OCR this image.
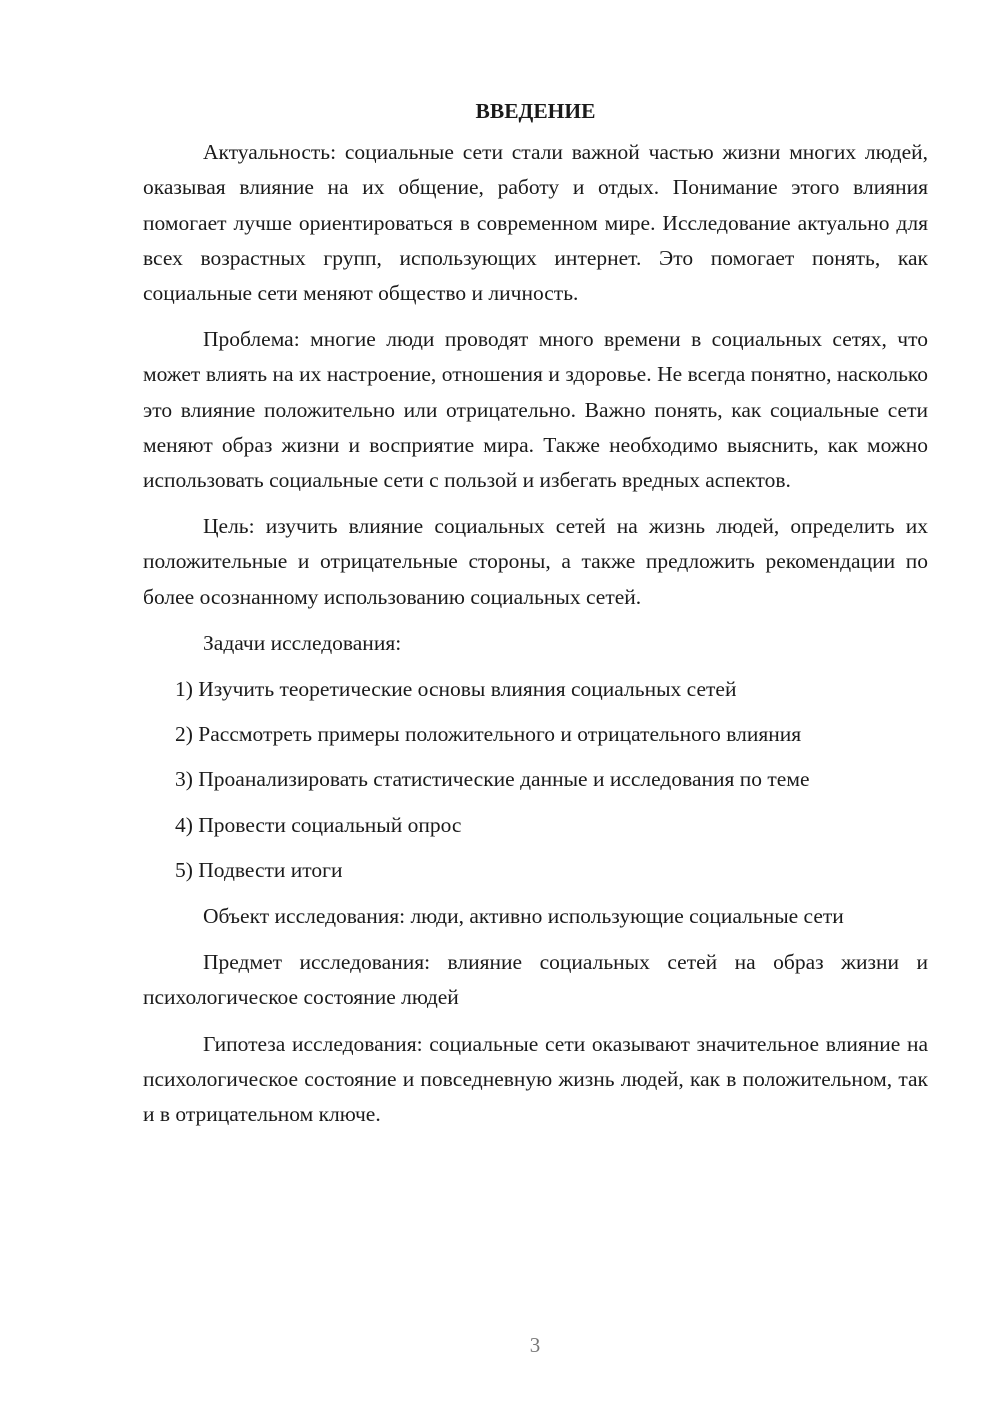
ВВЕДЕНИЕ

Актуальность: социальные сети стали важной частью жизни многих людей, оказывая влияние на их общение, работу и отдых. Понимание этого влияния помогает лучше ориентироваться в современном мире. Исследование актуально для всех возрастных групп, использующих интернет. Это помогает понять, как социальные сети меняют общество и личность.

Проблема: многие люди проводят много времени в социальных сетях, что может влиять на их настроение, отношения и здоровье. Не всегда понятно, насколько это влияние положительно или отрицательно. Важно понять, как социальные сети меняют образ жизни и восприятие мира. Также необходимо выяснить, как можно использовать социальные сети с пользой и избегать вредных аспектов.

Цель: изучить влияние социальных сетей на жизнь людей, определить их положительные и отрицательные стороны, а также предложить рекомендации по более осознанному использованию социальных сетей.

Задачи исследования:

1) Изучить теоретические основы влияния социальных сетей
2) Рассмотреть примеры положительного и отрицательного влияния
3) Проанализировать статистические данные и исследования по теме
4) Провести социальный опрос
5) Подвести итоги

Объект исследования: люди, активно использующие социальные сети

Предмет исследования: влияние социальных сетей на образ жизни и психологическое состояние людей

Гипотеза исследования: социальные сети оказывают значительное влияние на психологическое состояние и повседневную жизнь людей, как в положительном, так и в отрицательном ключе.

3
